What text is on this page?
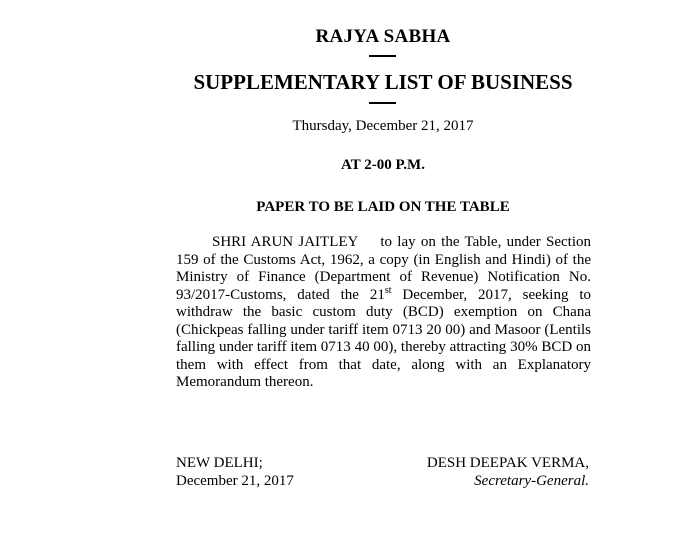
RAJYA SABHA
SUPPLEMENTARY LIST OF BUSINESS
Thursday, December 21, 2017
AT 2-00 P.M.
PAPER TO BE LAID ON THE TABLE
SHRI ARUN JAITLEY to lay on the Table, under Section 159 of the Customs Act, 1962, a copy (in English and Hindi) of the Ministry of Finance (Department of Revenue) Notification No. 93/2017-Customs, dated the 21st December, 2017, seeking to withdraw the basic custom duty (BCD) exemption on Chana (Chickpeas falling under tariff item 0713 20 00) and Masoor (Lentils falling under tariff item 0713 40 00), thereby attracting 30% BCD on them with effect from that date, along with an Explanatory Memorandum thereon.
NEW DELHI;
December 21, 2017
DESH DEEPAK VERMA,
Secretary-General.
